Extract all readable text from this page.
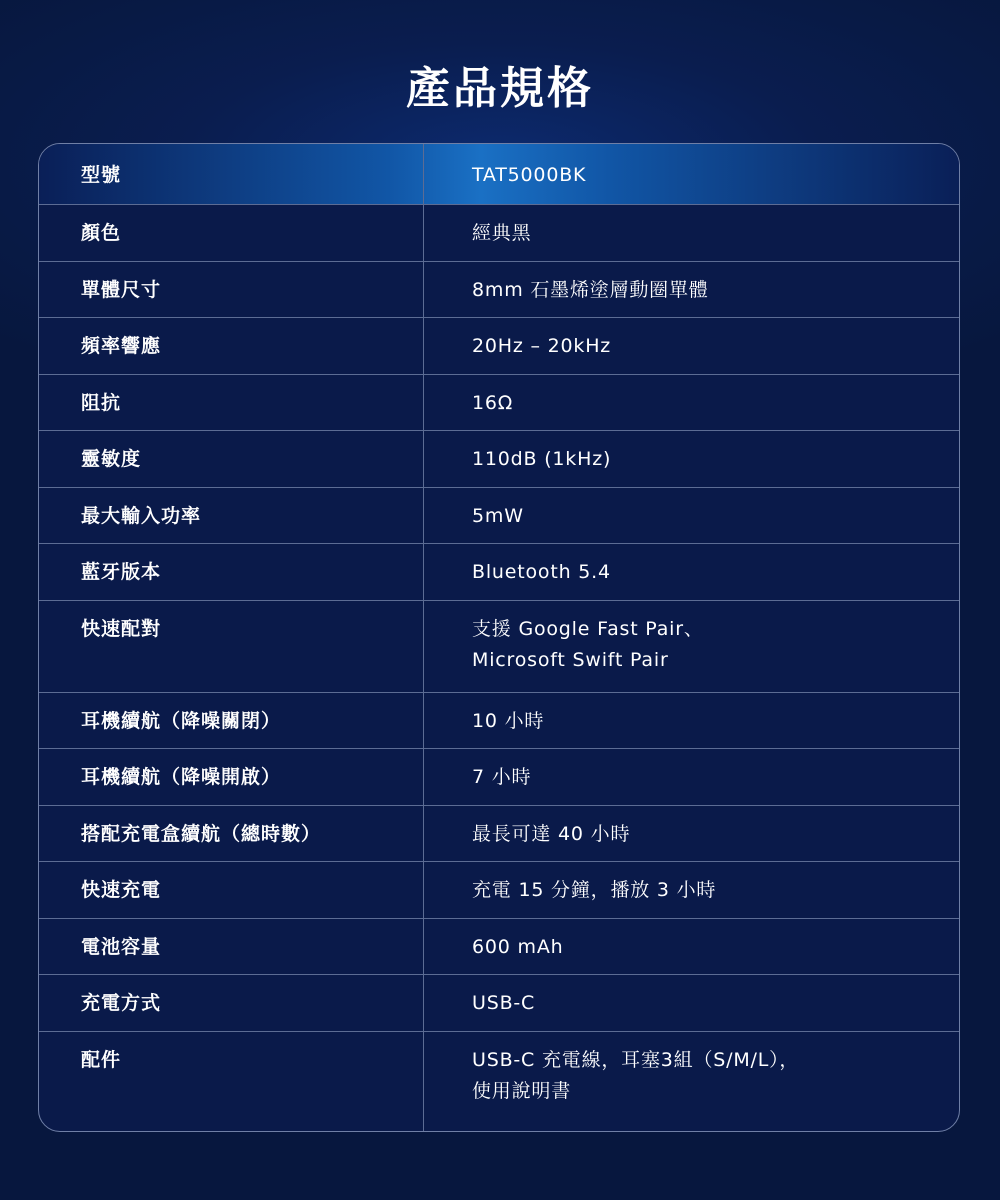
產品規格
型號	TAT5000BK
顏色	經典黑
單體尺寸	8mm 石墨烯塗層動圈單體
頻率響應	20Hz – 20kHz
阻抗	16Ω
靈敏度	110dB (1kHz)
最大輸入功率	5mW
藍牙版本	Bluetooth 5.4
快速配對	支援 Google Fast Pair、
Microsoft Swift Pair
耳機續航（降噪關閉）	10 小時
耳機續航（降噪開啟）	7 小時
搭配充電盒續航（總時數）	最長可達 40 小時
快速充電	充電 15 分鐘，播放 3 小時
電池容量	600 mAh
充電方式	USB-C
配件	USB-C 充電線，耳塞3組（S/M/L），
使用說明書
